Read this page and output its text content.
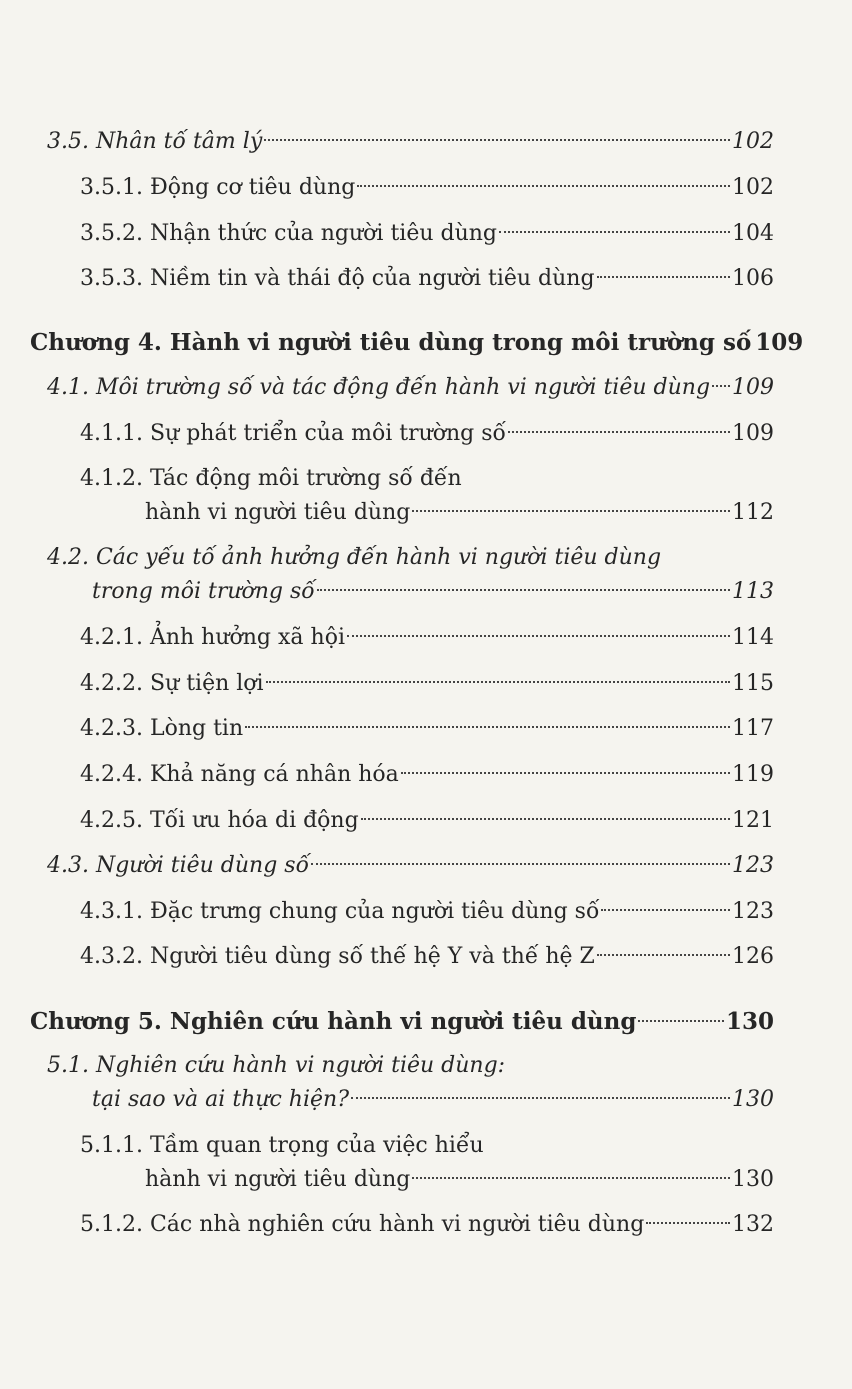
3.5. Nhân tố tâm lý	102
3.5.1. Động cơ tiêu dùng	102
3.5.2. Nhận thức của người tiêu dùng	104
3.5.3. Niềm tin và thái độ của người tiêu dùng	106
Chương 4. Hành vi người tiêu dùng trong môi trường số 109
4.1. Môi trường số và tác động đến hành vi người tiêu dùng 109
4.1.1. Sự phát triển của môi trường số	109
4.1.2. Tác động môi trường số đến
hành vi người tiêu dùng	112
4.2. Các yếu tố ảnh hưởng đến hành vi người tiêu dùng
trong môi trường số	113
4.2.1. Ảnh hưởng xã hội	114
4.2.2. Sự tiện lợi	115
4.2.3. Lòng tin	117
4.2.4. Khả năng cá nhân hóa	119
4.2.5. Tối ưu hóa di động	121
4.3. Người tiêu dùng số	123
4.3.1. Đặc trưng chung của người tiêu dùng số	123
4.3.2. Người tiêu dùng số thế hệ Y và thế hệ Z	126
Chương 5. Nghiên cứu hành vi người tiêu dùng	130
5.1. Nghiên cứu hành vi người tiêu dùng:
tại sao và ai thực hiện?	130
5.1.1. Tầm quan trọng của việc hiểu
hành vi người tiêu dùng	130
5.1.2. Các nhà nghiên cứu hành vi người tiêu dùng	132
